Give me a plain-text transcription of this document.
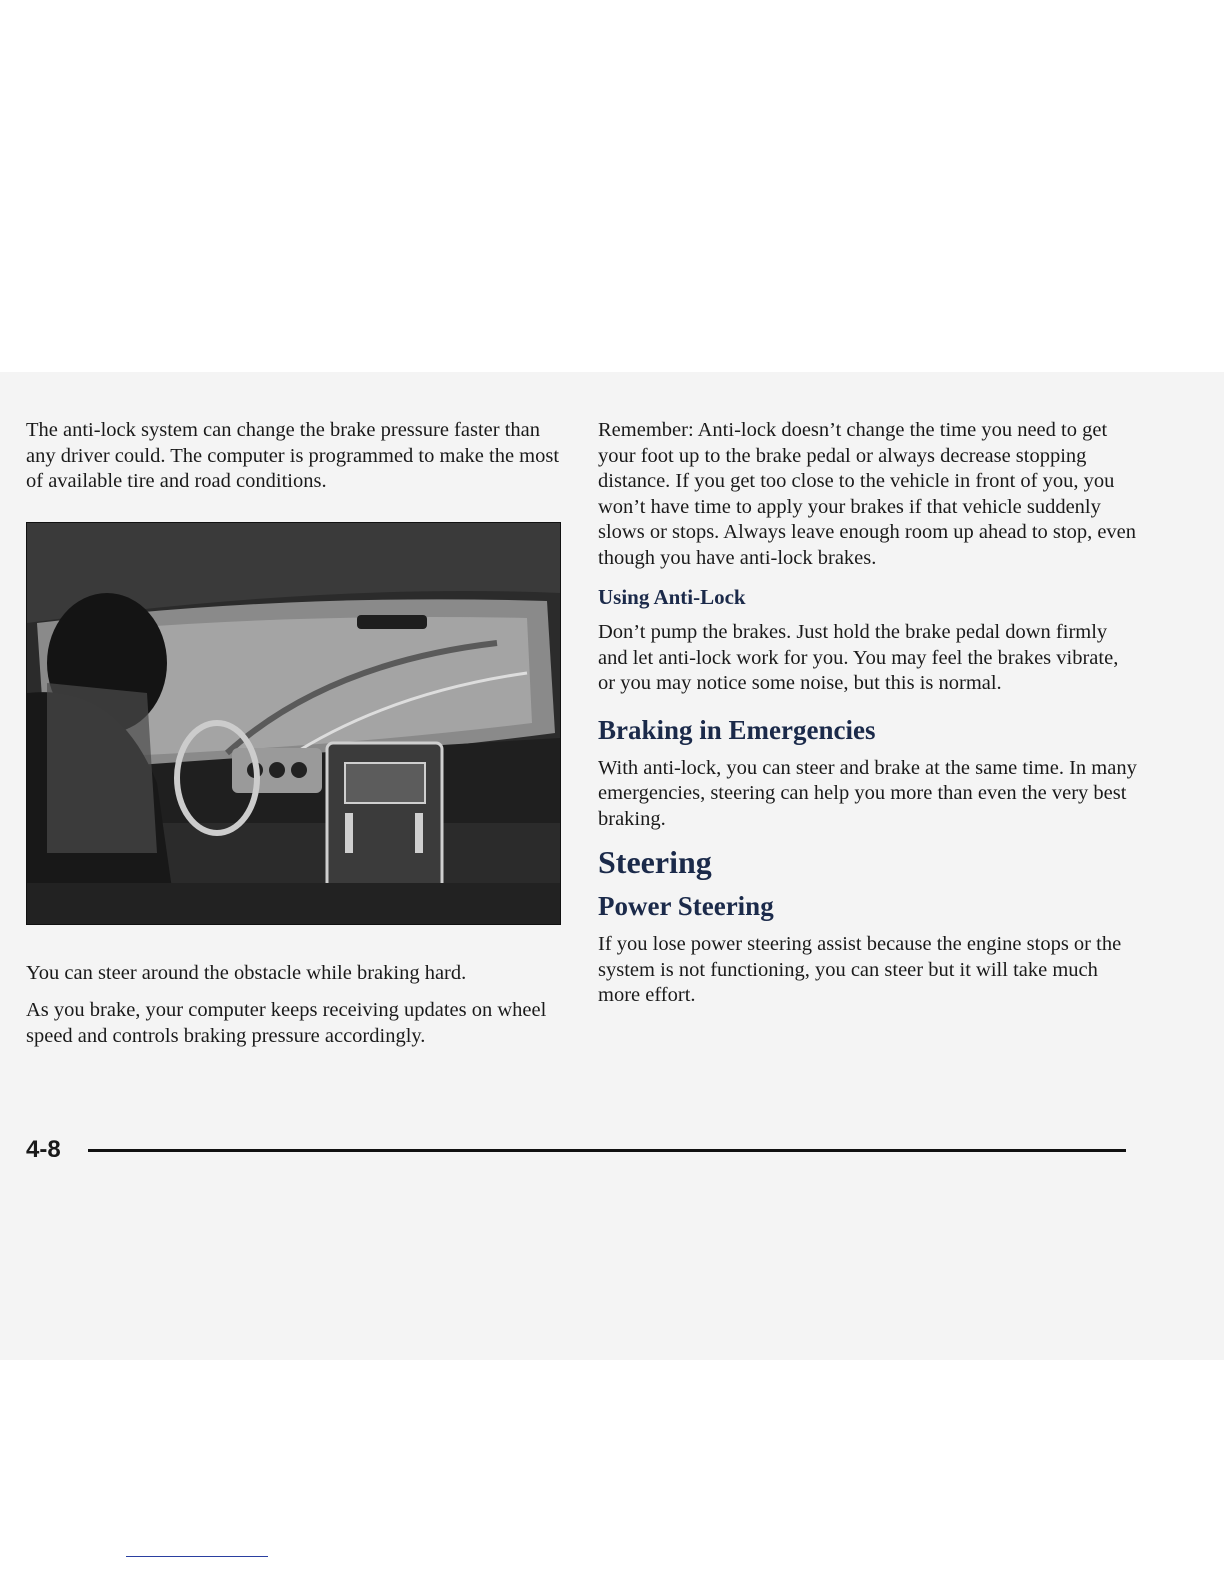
The anti-lock system can change the brake pressure faster than any driver could. The computer is programmed to make the most of available tire and road conditions.

You can steer around the obstacle while braking hard.

As you brake, your computer keeps receiving updates on wheel speed and controls braking pressure accordingly.

Remember: Anti-lock doesn’t change the time you need to get your foot up to the brake pedal or always decrease stopping distance. If you get too close to the vehicle in front of you, you won’t have time to apply your brakes if that vehicle suddenly slows or stops. Always leave enough room up ahead to stop, even though you have anti-lock brakes.

Using Anti-Lock

Don’t pump the brakes. Just hold the brake pedal down firmly and let anti-lock work for you. You may feel the brakes vibrate, or you may notice some noise, but this is normal.

Braking in Emergencies

With anti-lock, you can steer and brake at the same time. In many emergencies, steering can help you more than even the very best braking.

Steering
Power Steering

If you lose power steering assist because the engine stops or the system is not functioning, you can steer but it will take much more effort.

4-8
